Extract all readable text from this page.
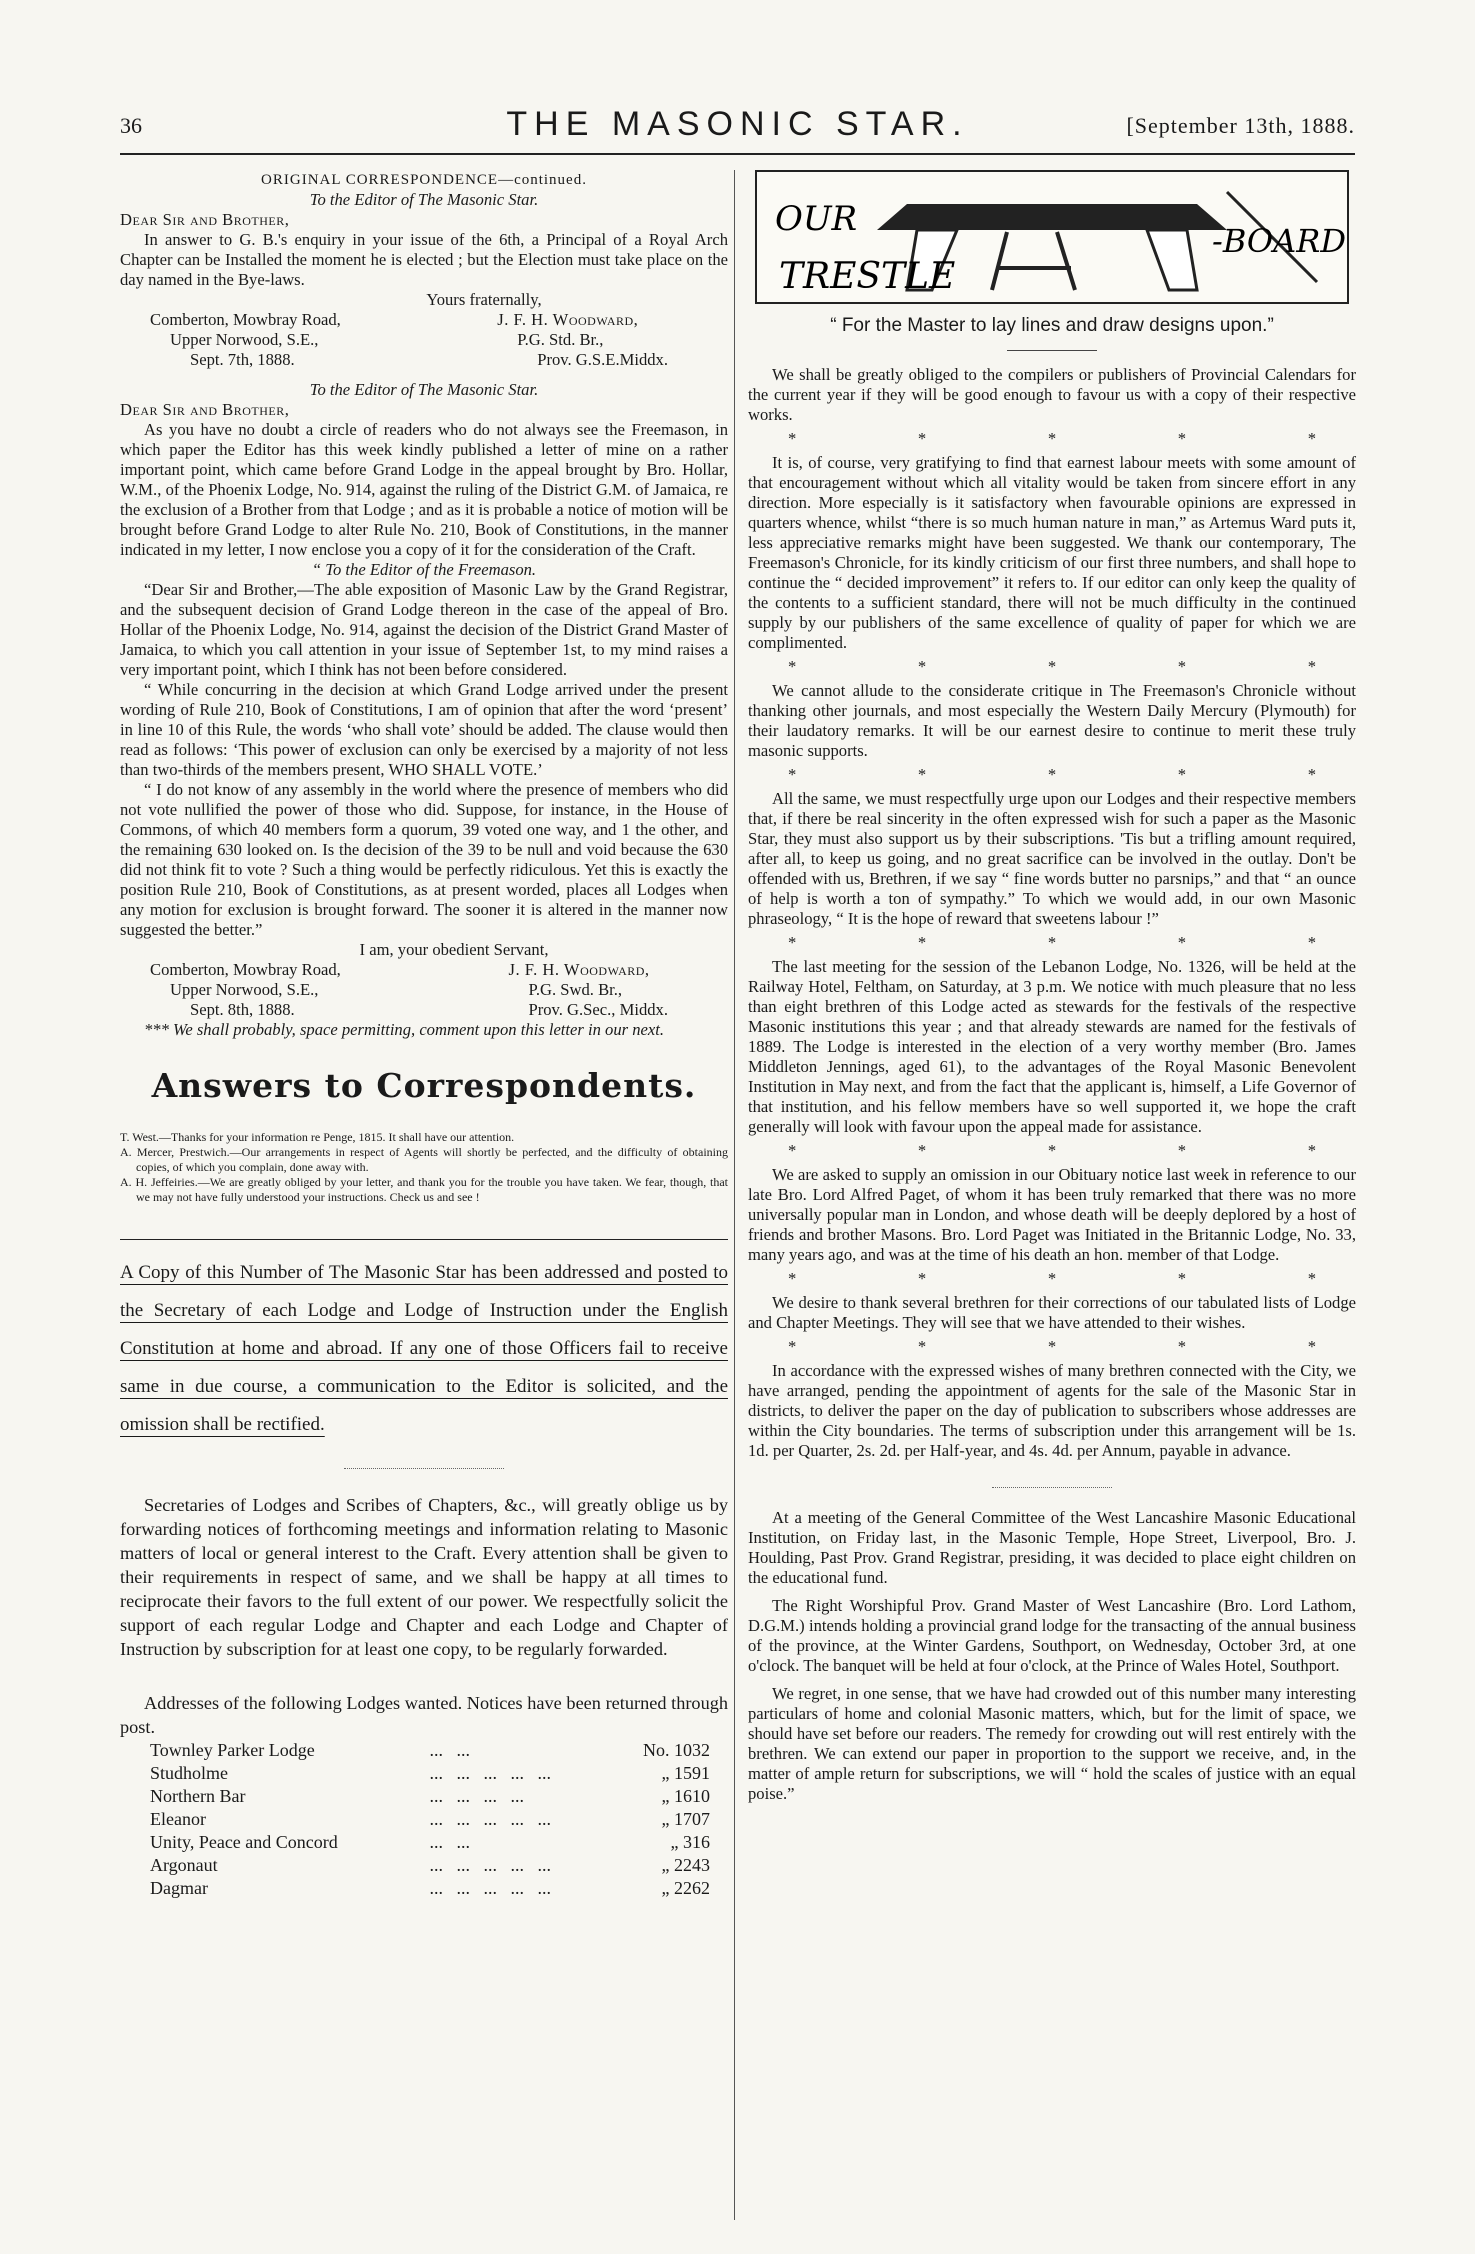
36	THE MASONIC STAR.	[September 13th, 1888.
ORIGINAL CORRESPONDENCE—continued.
To the Editor of The Masonic Star.

Dear Sir and Brother,

In answer to G. B.'s enquiry in your issue of the 6th, a Principal of a Royal Arch Chapter can be Installed the moment he is elected ; but the Election must take place on the day named in the Bye-laws.

Yours fraternally,
Comberton, Mowbray Road,
Upper Norwood, S.E.,
Sept. 7th, 1888.
J. F. H. Woodward,
P.G. Std. Br.,
Prov. G.S.E.Middx.
To the Editor of The Masonic Star.

Dear Sir and Brother,

As you have no doubt a circle of readers who do not always see the Freemason, in which paper the Editor has this week kindly published a letter of mine on a rather important point, which came before Grand Lodge in the appeal brought by Bro. Hollar, W.M., of the Phoenix Lodge, No. 914, against the ruling of the District G.M. of Jamaica, re the exclusion of a Brother from that Lodge ; and as it is probable a notice of motion will be brought before Grand Lodge to alter Rule No. 210, Book of Constitutions, in the manner indicated in my letter, I now enclose you a copy of it for the consideration of the Craft.

“ To the Editor of the Freemason.

“Dear Sir and Brother,—The able exposition of Masonic Law by the Grand Registrar, and the subsequent decision of Grand Lodge thereon in the case of the appeal of Bro. Hollar of the Phoenix Lodge, No. 914, against the decision of the District Grand Master of Jamaica, to which you call attention in your issue of September 1st, to my mind raises a very important point, which I think has not been before considered.

“ While concurring in the decision at which Grand Lodge arrived under the present wording of Rule 210, Book of Constitutions, I am of opinion that after the word ‘present’ in line 10 of this Rule, the words ‘who shall vote’ should be added. The clause would then read as follows: ‘This power of exclusion can only be exercised by a majority of not less than two-thirds of the members present, WHO SHALL VOTE.’

“ I do not know of any assembly in the world where the presence of members who did not vote nullified the power of those who did. Suppose, for instance, in the House of Commons, of which 40 members form a quorum, 39 voted one way, and 1 the other, and the remaining 630 looked on. Is the decision of the 39 to be null and void because the 630 did not think fit to vote ? Such a thing would be perfectly ridiculous. Yet this is exactly the position Rule 210, Book of Constitutions, as at present worded, places all Lodges when any motion for exclusion is brought forward. The sooner it is altered in the manner now suggested the better.”

I am, your obedient Servant,
Comberton, Mowbray Road,
Upper Norwood, S.E.,
Sept. 8th, 1888.
J. F. H. Woodward,
P.G. Swd. Br.,
Prov. G.Sec., Middx.

*** We shall probably, space permitting, comment upon this letter in our next.

Answers to Correspondents.

T. West.—Thanks for your information re Penge, 1815. It shall have our attention.

A. Mercer, Prestwich.—Our arrangements in respect of Agents will shortly be perfected, and the difficulty of obtaining copies, of which you complain, done away with.

A. H. Jeffeiries.—We are greatly obliged by your letter, and thank you for the trouble you have taken. We fear, though, that we may not have fully understood your instructions. Check us and see !

A Copy of this Number of The Masonic Star has been addressed and posted to the Secretary of each Lodge and Lodge of Instruction under the English Constitution at home and abroad. If any one of those Officers fail to receive same in due course, a communication to the Editor is solicited, and the omission shall be rectified.

Secretaries of Lodges and Scribes of Chapters, &c., will greatly oblige us by forwarding notices of forthcoming meetings and information relating to Masonic matters of local or general interest to the Craft. Every attention shall be given to their requirements in respect of same, and we shall be happy at all times to reciprocate their favors to the full extent of our power. We respectfully solicit the support of each regular Lodge and Chapter and each Lodge and Chapter of Instruction by subscription for at least one copy, to be regularly forwarded.

Addresses of the following Lodges wanted. Notices have been returned through post.

Townley Parker Lodge	...   ...	No. 1032
Studholme	...   ...   ...   ...   ...	„ 1591
Northern Bar	...   ...   ...   ...	„ 1610
Eleanor	...   ...   ...   ...   ...	„ 1707
Unity, Peace and Concord	...   ...	„ 316
Argonaut	...   ...   ...   ...   ...	„ 2243
Dagmar	...   ...   ...   ...   ...	„ 2262
OUR
TRESTLE
-BOARD
“ For the Master to lay lines and draw designs upon.”

We shall be greatly obliged to the compilers or publishers of Provincial Calendars for the current year if they will be good enough to favour us with a copy of their respective works.

*	*	*	*	*

It is, of course, very gratifying to find that earnest labour meets with some amount of that encouragement without which all vitality would be taken from sincere effort in any direction. More especially is it satisfactory when favourable opinions are expressed in quarters whence, whilst “there is so much human nature in man,” as Artemus Ward puts it, less appreciative remarks might have been suggested. We thank our contemporary, The Freemason's Chronicle, for its kindly criticism of our first three numbers, and shall hope to continue the “ decided improvement” it refers to. If our editor can only keep the quality of the contents to a sufficient standard, there will not be much difficulty in the continued supply by our publishers of the same excellence of quality of paper for which we are complimented.

*	*	*	*	*

We cannot allude to the considerate critique in The Freemason's Chronicle without thanking other journals, and most especially the Western Daily Mercury (Plymouth) for their laudatory remarks. It will be our earnest desire to continue to merit these truly masonic supports.

*	*	*	*	*

All the same, we must respectfully urge upon our Lodges and their respective members that, if there be real sincerity in the often expressed wish for such a paper as the Masonic Star, they must also support us by their subscriptions. 'Tis but a trifling amount required, after all, to keep us going, and no great sacrifice can be involved in the outlay. Don't be offended with us, Brethren, if we say “ fine words butter no parsnips,” and that “ an ounce of help is worth a ton of sympathy.” To which we would add, in our own Masonic phraseology, “ It is the hope of reward that sweetens labour !”

*	*	*	*	*

The last meeting for the session of the Lebanon Lodge, No. 1326, will be held at the Railway Hotel, Feltham, on Saturday, at 3 p.m. We notice with much pleasure that no less than eight brethren of this Lodge acted as stewards for the festivals of the respective Masonic institutions this year ; and that already stewards are named for the festivals of 1889. The Lodge is interested in the election of a very worthy member (Bro. James Middleton Jennings, aged 61), to the advantages of the Royal Masonic Benevolent Institution in May next, and from the fact that the applicant is, himself, a Life Governor of that institution, and his fellow members have so well supported it, we hope the craft generally will look with favour upon the appeal made for assistance.

*	*	*	*	*

We are asked to supply an omission in our Obituary notice last week in reference to our late Bro. Lord Alfred Paget, of whom it has been truly remarked that there was no more universally popular man in London, and whose death will be deeply deplored by a host of friends and brother Masons. Bro. Lord Paget was Initiated in the Britannic Lodge, No. 33, many years ago, and was at the time of his death an hon. member of that Lodge.

*	*	*	*	*

We desire to thank several brethren for their corrections of our tabulated lists of Lodge and Chapter Meetings. They will see that we have attended to their wishes.

*	*	*	*	*

In accordance with the expressed wishes of many brethren connected with the City, we have arranged, pending the appointment of agents for the sale of the Masonic Star in districts, to deliver the paper on the day of publication to subscribers whose addresses are within the City boundaries. The terms of subscription under this arrangement will be 1s. 1d. per Quarter, 2s. 2d. per Half-year, and 4s. 4d. per Annum, payable in advance.

At a meeting of the General Committee of the West Lancashire Masonic Educational Institution, on Friday last, in the Masonic Temple, Hope Street, Liverpool, Bro. J. Houlding, Past Prov. Grand Registrar, presiding, it was decided to place eight children on the educational fund.

The Right Worshipful Prov. Grand Master of West Lancashire (Bro. Lord Lathom, D.G.M.) intends holding a provincial grand lodge for the transacting of the annual business of the province, at the Winter Gardens, Southport, on Wednesday, October 3rd, at one o'clock. The banquet will be held at four o'clock, at the Prince of Wales Hotel, Southport.

We regret, in one sense, that we have had crowded out of this number many interesting particulars of home and colonial Masonic matters, which, but for the limit of space, we should have set before our readers. The remedy for crowding out will rest entirely with the brethren. We can extend our paper in proportion to the support we receive, and, in the matter of ample return for subscriptions, we will “ hold the scales of justice with an equal poise.”
